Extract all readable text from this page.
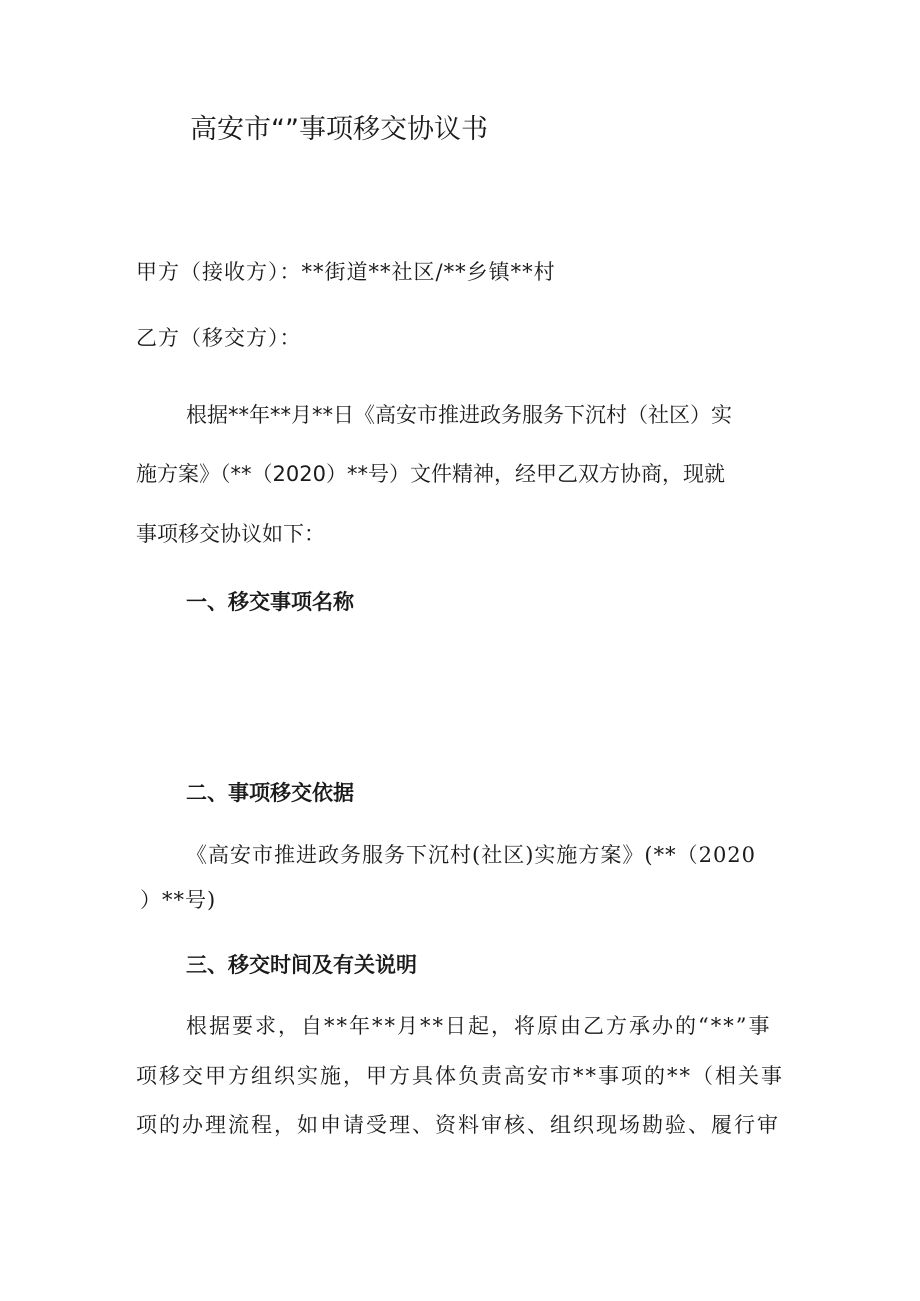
高安市“”事项移交协议书
甲方（接收方）：**街道**社区/**乡镇**村
乙方（移交方）：
根据**年**月**日《高安市推进政务服务下沉村（社区）实
施方案》（**（2020）**号）文件精神，经甲乙双方协商，现就
事项移交协议如下：
一、移交事项名称
二、事项移交依据
《高安市推进政务服务下沉村(社区)实施方案》(**（2020
）**号)
三、移交时间及有关说明
根据要求，自**年**月**日起，将原由乙方承办的“**”事
项移交甲方组织实施，甲方具体负责高安市**事项的**（相关事
项的办理流程，如申请受理、资料审核、组织现场勘验、履行审
